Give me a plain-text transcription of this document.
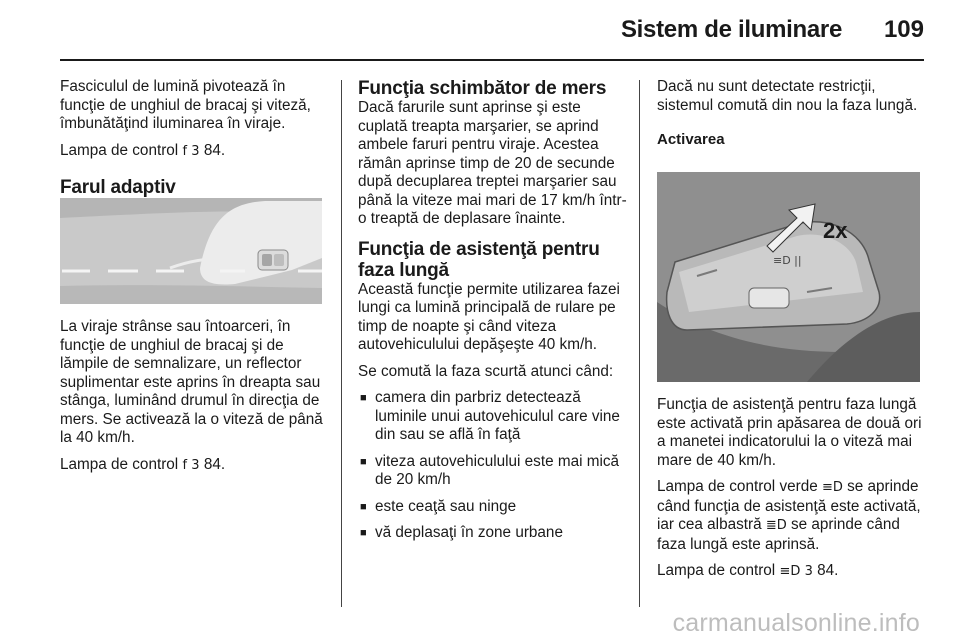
Sistem de iluminare 109

Fasciculul de lumină pivotează în funcţie de unghiul de bracaj şi viteză, îmbunătăţind iluminarea în viraje.

Lampa de control f 3 84.

Farul adaptiv

La viraje strânse sau întoarceri, în funcţie de unghiul de bracaj şi de lămpile de semnalizare, un reflector suplimentar este aprins în dreapta sau stânga, luminând drumul în direcţia de mers. Se activează la o viteză de până la 40 km/h.

Lampa de control f 3 84.

Funcţia schimbător de mers

Dacă farurile sunt aprinse şi este cuplată treapta marşarier, se aprind ambele faruri pentru viraje. Acestea rămân aprinse timp de 20 de secunde după decuplarea treptei marşarier sau până la viteze mai mari de 17 km/h într-o treaptă de deplasare înainte.

Funcţia de asistenţă pentru faza lungă

Această funcţie permite utilizarea fazei lungi ca lumină principală de rulare pe timp de noapte şi când viteza autovehiculului depăşeşte 40 km/h.

Se comută la faza scurtă atunci când:

■ camera din parbriz detectează luminile unui autovehiculul care vine din sau se află în faţă
■ viteza autovehiculului este mai mică de 20 km/h
■ este ceaţă sau ninge
■ vă deplasaţi în zone urbane

Dacă nu sunt detectate restricţii, sistemul comută din nou la faza lungă.

Activarea

≡D ||
2x

Funcţia de asistenţă pentru faza lungă este activată prin apăsarea de două ori a manetei indicatorului la o viteză mai mare de 40 km/h.

Lampa de control verde ≡D se aprinde când funcţia de asistenţă este activată, iar cea albastră ≣D se aprinde când faza lungă este aprinsă.

Lampa de control ≡D 3 84.

carmanualsonline.info
